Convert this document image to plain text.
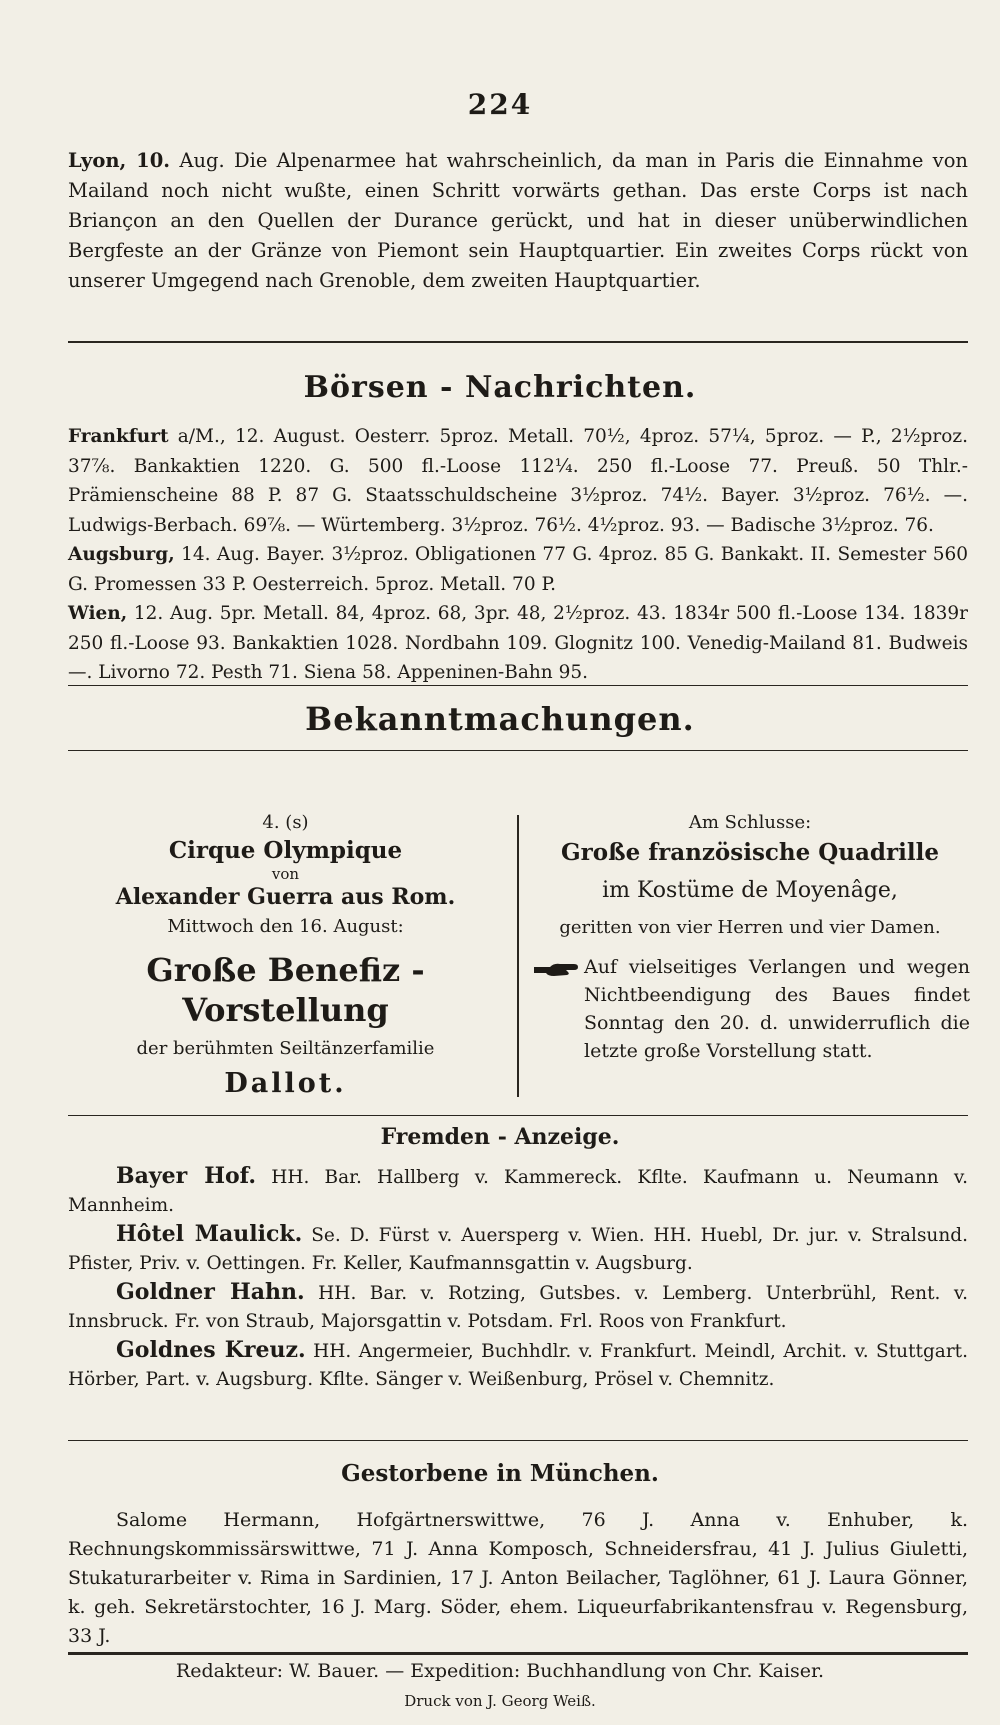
224

Lyon, 10. Aug. Die Alpenarmee hat wahrscheinlich, da man in Paris die Einnahme von Mailand noch nicht wußte, einen Schritt vorwärts gethan. Das erste Corps ist nach Briançon an den Quellen der Durance gerückt, und hat in dieser unüberwindlichen Bergfeste an der Gränze von Piemont sein Hauptquartier. Ein zweites Corps rückt von unserer Umgegend nach Grenoble, dem zweiten Hauptquartier.

Börsen - Nachrichten.

Frankfurt a/M., 12. August. Oesterr. 5proz. Metall. 70½, 4proz. 57¼, 5proz. — P., 2½proz. 37⅞. Bankaktien 1220. G. 500 fl.-Loose 112¼. 250 fl.-Loose 77. Preuß. 50 Thlr.-Prämienscheine 88 P. 87 G. Staatsschuldscheine 3½proz. 74½. Bayer. 3½proz. 76½. —. Ludwigs-Berbach. 69⅞. — Würtemberg. 3½proz. 76½. 4½proz. 93. — Badische 3½proz. 76.

Augsburg, 14. Aug. Bayer. 3½proz. Obligationen 77 G. 4proz. 85 G. Bankakt. II. Semester 560 G. Promessen 33 P. Oesterreich. 5proz. Metall. 70 P.

Wien, 12. Aug. 5pr. Metall. 84, 4proz. 68, 3pr. 48, 2½proz. 43. 1834r 500 fl.-Loose 134. 1839r 250 fl.-Loose 93. Bankaktien 1028. Nordbahn 109. Glognitz 100. Venedig-Mailand 81. Budweis —. Livorno 72. Pesth 71. Siena 58. Appeninen-Bahn 95.

Bekanntmachungen.

4. (s)

Cirque Olympique

von

Alexander Guerra aus Rom.

Mittwoch den 16. August:

Große Benefiz - Vorstellung

der berühmten Seiltänzerfamilie

Dallot.

Am Schlusse:

Große französische Quadrille

im Kostüme de Moyenâge,

geritten von vier Herren und vier Damen.

Auf vielseitiges Verlangen und wegen Nichtbeendigung des Baues findet Sonntag den 20. d. unwiderruflich die letzte große Vorstellung statt.

Fremden - Anzeige.

Bayer Hof. HH. Bar. Hallberg v. Kammereck. Kflte. Kaufmann u. Neumann v. Mannheim.

Hôtel Maulick. Se. D. Fürst v. Auersperg v. Wien. HH. Huebl, Dr. jur. v. Stralsund. Pfister, Priv. v. Oettingen. Fr. Keller, Kaufmannsgattin v. Augsburg.

Goldner Hahn. HH. Bar. v. Rotzing, Gutsbes. v. Lemberg. Unterbrühl, Rent. v. Innsbruck. Fr. von Straub, Majorsgattin v. Potsdam. Frl. Roos von Frankfurt.

Goldnes Kreuz. HH. Angermeier, Buchhdlr. v. Frankfurt. Meindl, Archit. v. Stuttgart. Hörber, Part. v. Augsburg. Kflte. Sänger v. Weißenburg, Prösel v. Chemnitz.

Gestorbene in München.

Salome Hermann, Hofgärtnerswittwe, 76 J. Anna v. Enhuber, k. Rechnungskommissärswittwe, 71 J. Anna Komposch, Schneidersfrau, 41 J. Julius Giuletti, Stukaturarbeiter v. Rima in Sardinien, 17 J. Anton Beilacher, Taglöhner, 61 J. Laura Gönner, k. geh. Sekretärstochter, 16 J. Marg. Söder, ehem. Liqueurfabrikantensfrau v. Regensburg, 33 J.

Redakteur: W. Bauer. — Expedition: Buchhandlung von Chr. Kaiser.
Druck von J. Georg Weiß.
